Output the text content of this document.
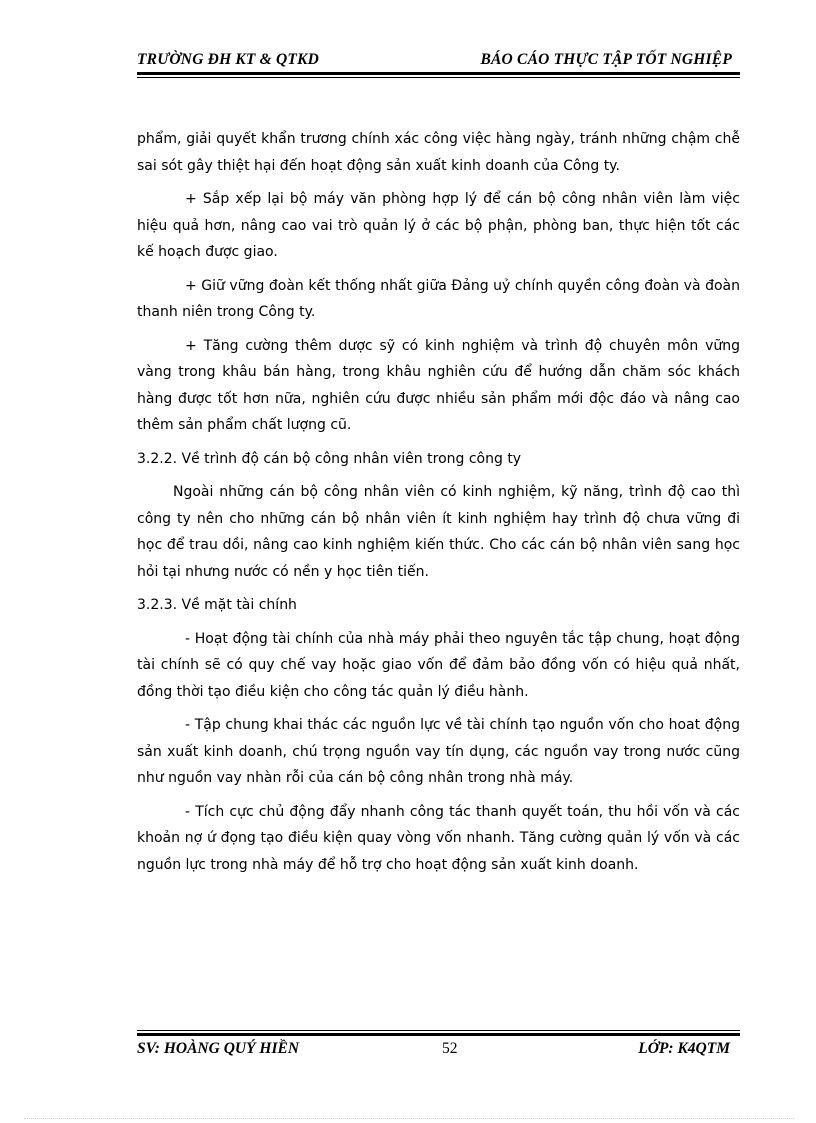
TRƯỜNG ĐH KT & QTKD	BÁO CÁO THỰC TẬP TỐT NGHIỆP

phẩm, giải quyết khẩn trương chính xác công việc hàng ngày, tránh những chậm chễ sai sót gây thiệt hại đến hoạt động sản xuất kinh doanh của Công ty.

+ Sắp xếp lại bộ máy văn phòng hợp lý để cán bộ công nhân viên làm việc hiệu quả hơn, nâng cao vai trò quản lý ở các bộ phận, phòng ban, thực hiện tốt các kế hoạch được giao.

+ Giữ vững đoàn kết thống nhất giữa Đảng uỷ chính quyền công đoàn và đoàn thanh niên trong Công ty.

+ Tăng cường thêm dược sỹ có kinh nghiệm và trình độ chuyên môn vững vàng trong khâu bán hàng, trong khâu nghiên cứu để hướng dẫn chăm sóc khách hàng được tốt hơn nữa, nghiên cứu được nhiều sản phẩm mới độc đáo và nâng cao thêm sản phẩm chất lượng cũ.

3.2.2. Về trình độ cán bộ công nhân viên trong công ty

Ngoài những cán bộ công nhân viên có kinh nghiệm, kỹ năng, trình độ cao thì công ty nên cho những cán bộ nhân viên ít kinh nghiệm hay trình độ chưa vững đi học để trau dồi, nâng cao kinh nghiệm kiến thức. Cho các cán bộ nhân viên sang học hỏi tại nhưng nước có nền y học tiên tiến.

3.2.3. Về mặt tài chính

- Hoạt động tài chính của nhà máy phải theo nguyên tắc tập chung, hoạt động tài chính sẽ có quy chế vay hoặc giao vốn để đảm bảo đồng vốn có hiệu quả nhất, đồng thời tạo điều kiện cho công tác quản lý điều hành.

- Tập chung khai thác các nguồn lực về tài chính tạo nguồn vốn cho hoat động sản xuất kinh doanh, chú trọng nguồn vay tín dụng, các nguồn vay trong nước cũng như nguồn vay nhàn rỗi của cán bộ công nhân trong nhà máy.

- Tích cực chủ động đẩy nhanh công tác thanh quyết toán, thu hồi vốn và các khoản nợ ứ đọng tạo điều kiện quay vòng vốn nhanh. Tăng cường quản lý vốn và các nguồn lực trong nhà máy để hỗ trợ cho hoạt động sản xuất kinh doanh.

SV: HOÀNG QUÝ HIỀN	52	LỚP: K4QTM
